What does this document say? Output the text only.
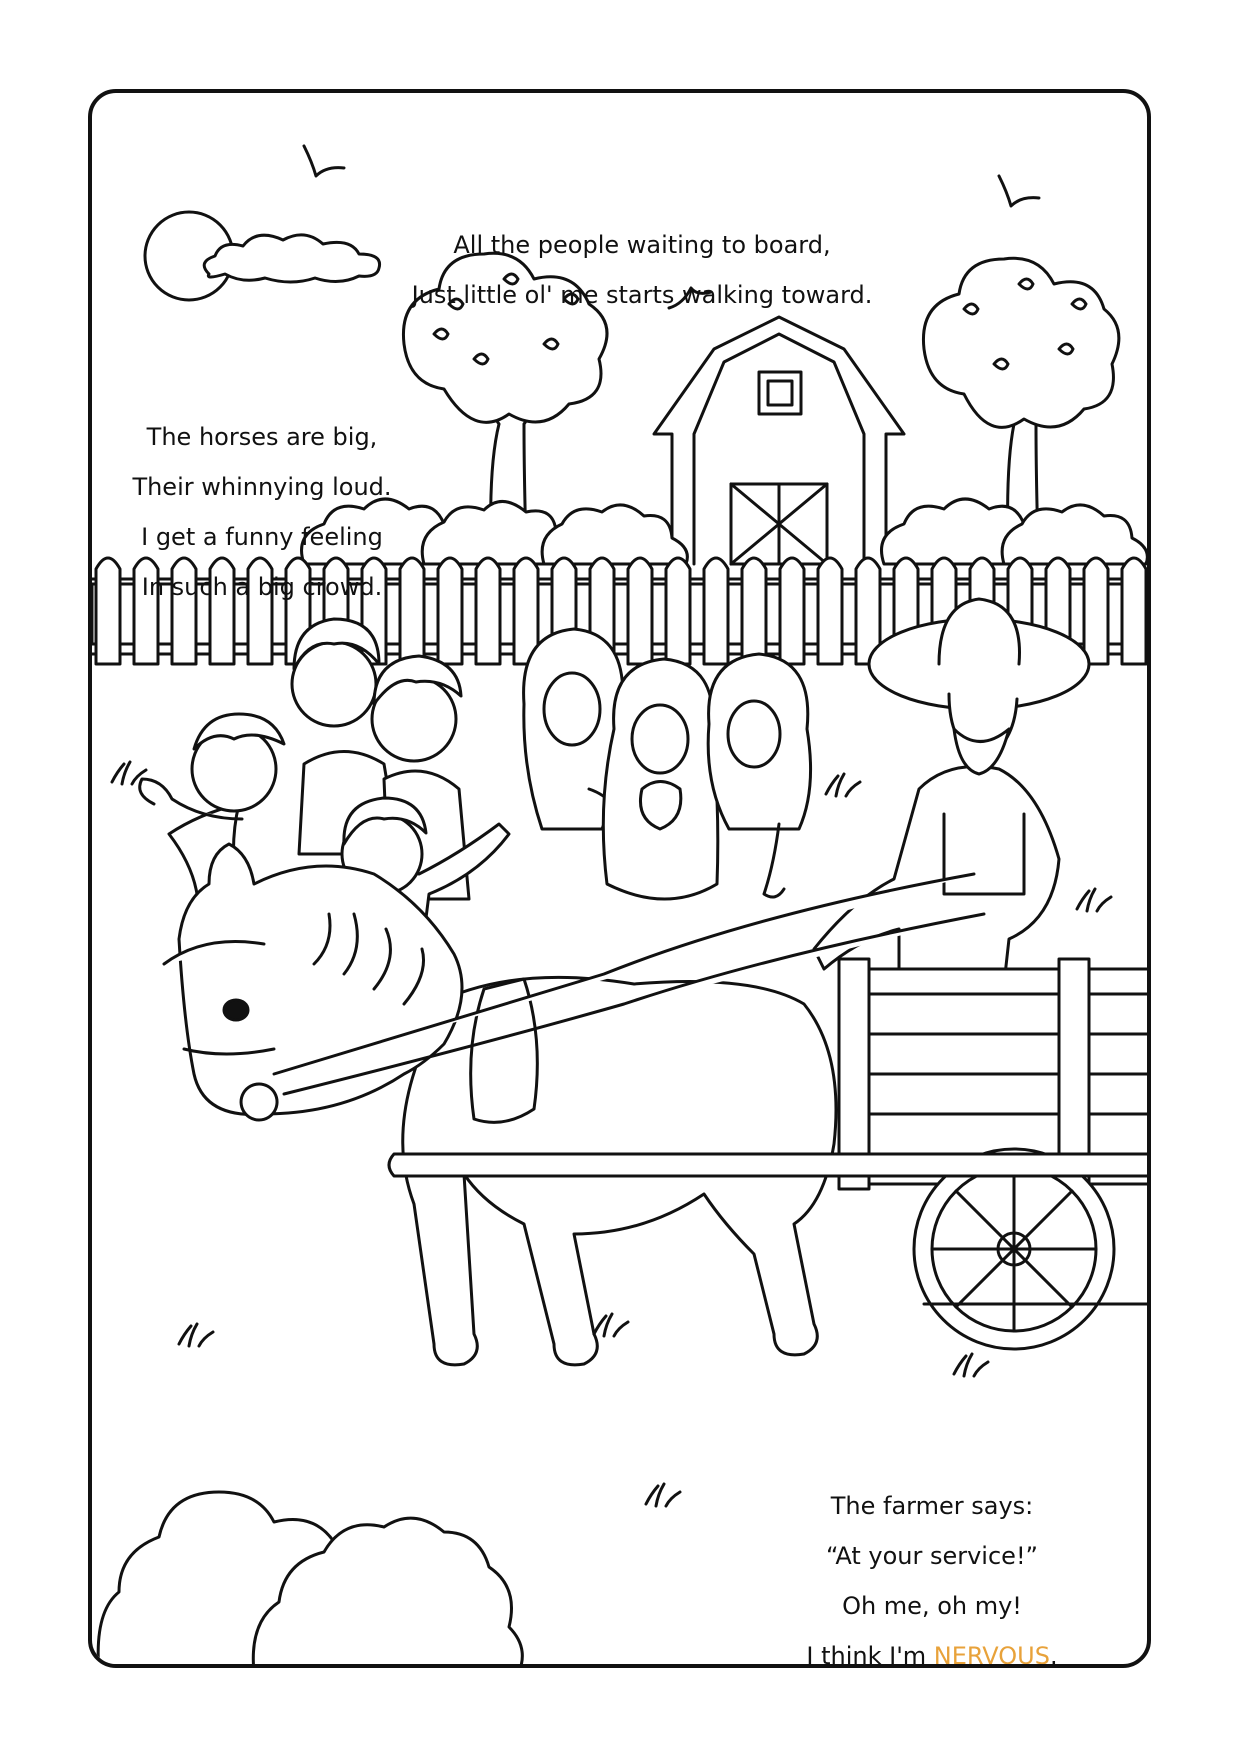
All the people waiting to board,
Just little ol' me starts walking toward.
The horses are big,
Their whinnying loud.
I get a funny feeling
In such a big crowd.
The farmer says:
“At your service!”
Oh me, oh my!
I think I'm NERVOUS.
